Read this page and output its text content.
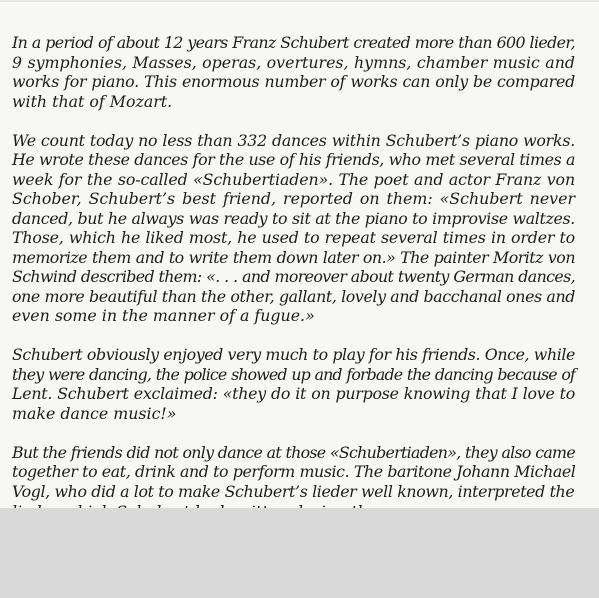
In a period of about 12 years Franz Schubert created more than 600 lieder,
9 symphonies, Masses, operas, overtures, hymns, chamber music and
works for piano. This enormous number of works can only be compared
with that of Mozart.

We count today no less than 332 dances within Schubert’s piano works.
He wrote these dances for the use of his friends, who met several times a
week for the so-called «Schubertiaden». The poet and actor Franz von
Schober, Schubert’s best friend, reported on them: «Schubert never
danced, but he always was ready to sit at the piano to improvise waltzes.
Those, which he liked most, he used to repeat several times in order to
memorize them and to write them down later on.» The painter Moritz von
Schwind described them: «. . . and moreover about twenty German dances,
one more beautiful than the other, gallant, lovely and bacchanal ones and
even some in the manner of a fugue.»

Schubert obviously enjoyed very much to play for his friends. Once, while
they were dancing, the police showed up and forbade the dancing because of
Lent. Schubert exclaimed: «they do it on purpose knowing that I love to
make dance music!»

But the friends did not only dance at those «Schubertiaden», they also came
together to eat, drink and to perform music. The baritone Johann Michael
Vogl, who did a lot to make Schubert’s lieder well known, interpreted the
